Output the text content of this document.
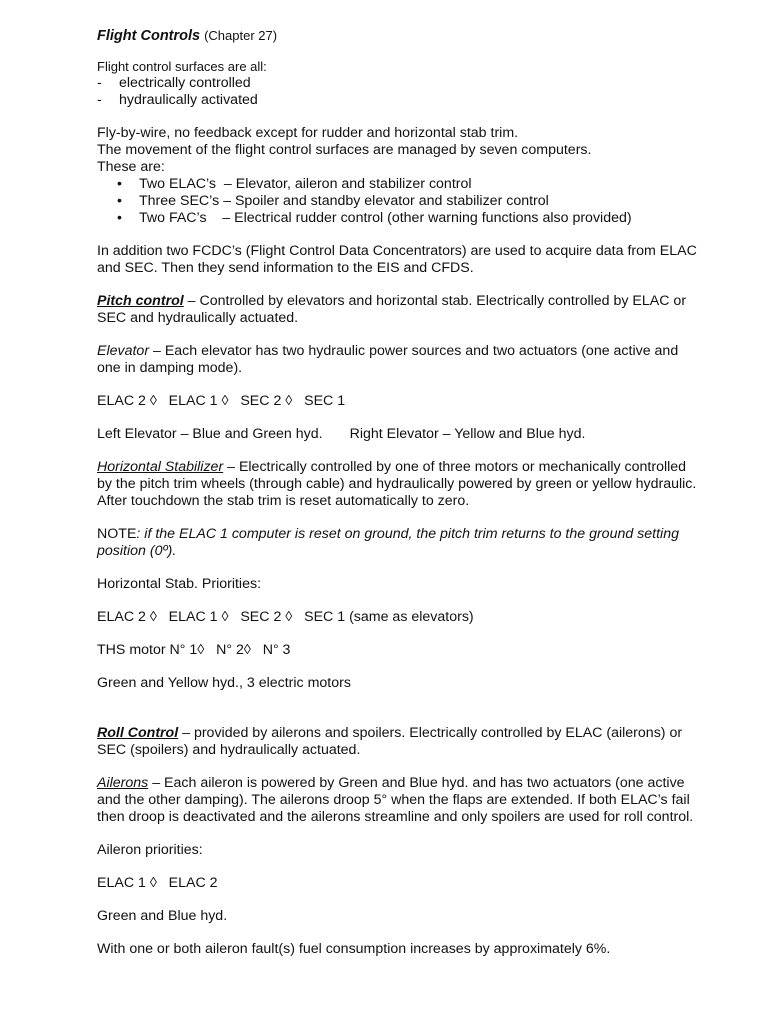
Flight Controls (Chapter 27)

Flight control surfaces are all:

-	electrically controlled
-	hydraulically activated

Fly-by-wire, no feedback except for rudder and horizontal stab trim.

The movement of the flight control surfaces are managed by seven computers.

These are:

•	Two ELAC’s  – Elevator, aileron and stabilizer control
•	Three SEC’s – Spoiler and standby elevator and stabilizer control
•	Two FAC’s    – Electrical rudder control (other warning functions also provided)

In addition two FCDC’s (Flight Control Data Concentrators) are used to acquire data from ELAC and SEC. Then they send information to the EIS and CFDS.

Pitch control – Controlled by elevators and horizontal stab. Electrically controlled by ELAC or SEC and hydraulically actuated.

Elevator – Each elevator has two hydraulic power sources and two actuators (one active and one in damping mode).

ELAC 2 ◊   ELAC 1 ◊   SEC 2 ◊   SEC 1

Left Elevator – Blue and Green hyd. Right Elevator – Yellow and Blue hyd.

Horizontal Stabilizer – Electrically controlled by one of three motors or mechanically controlled by the pitch trim wheels (through cable) and hydraulically powered by green or yellow hydraulic. After touchdown the stab trim is reset automatically to zero.

NOTE: if the ELAC 1 computer is reset on ground, the pitch trim returns to the ground setting position (0º).

Horizontal Stab. Priorities:

ELAC 2 ◊   ELAC 1 ◊   SEC 2 ◊   SEC 1 (same as elevators)

THS motor N° 1◊   N° 2◊   N° 3

Green and Yellow hyd., 3 electric motors

Roll Control – provided by ailerons and spoilers. Electrically controlled by ELAC (ailerons) or SEC (spoilers) and hydraulically actuated.

Ailerons – Each aileron is powered by Green and Blue hyd. and has two actuators (one active and the other damping). The ailerons droop 5° when the flaps are extended. If both ELAC’s fail then droop is deactivated and the ailerons streamline and only spoilers are used for roll control.

Aileron priorities:

ELAC 1 ◊   ELAC 2

Green and Blue hyd.

With one or both aileron fault(s) fuel consumption increases by approximately 6%.
